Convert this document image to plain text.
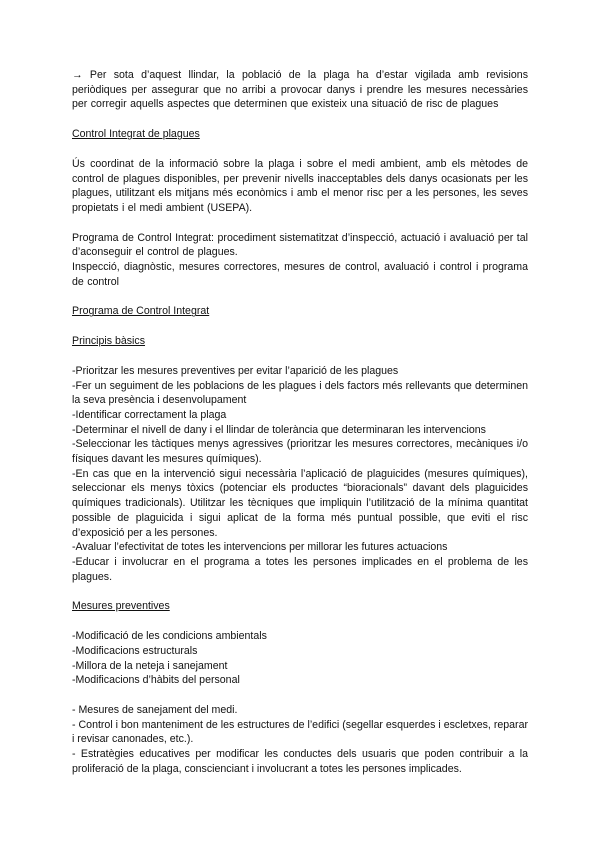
→ Per sota d’aquest llindar, la població de la plaga ha d’estar vigilada amb revisions periòdiques per assegurar que no arribi a provocar danys i prendre les mesures necessàries per corregir aquells aspectes que determinen que existeix una situació de risc de plagues

Control Integrat de plagues

Ús coordinat de la informació sobre la plaga i sobre el medi ambient, amb els mètodes de control de plagues disponibles, per prevenir nivells inacceptables dels danys ocasionats per les plagues, utilitzant els mitjans més econòmics i amb el menor risc per a les persones, les seves propietats i el medi ambient (USEPA).

Programa de Control Integrat: procediment sistematitzat d’inspecció, actuació i avaluació per tal d’aconseguir el control de plagues.

Inspecció, diagnòstic, mesures correctores, mesures de control, avaluació i control i programa de control

Programa de Control Integrat

Principis bàsics

-Prioritzar les mesures preventives per evitar l’aparició de les plagues
-Fer un seguiment de les poblacions de les plagues i dels factors més rellevants que determinen la seva presència i desenvolupament
-Identificar correctament la plaga
-Determinar el nivell de dany i el llindar de tolerància que determinaran les intervencions
-Seleccionar les tàctiques menys agressives (prioritzar les mesures correctores, mecàniques i/o físiques davant les mesures químiques).
-En cas que en la intervenció sigui necessària l’aplicació de plaguicides (mesures químiques), seleccionar els menys tòxics (potenciar els productes “bioracionals” davant dels plaguicides químiques tradicionals). Utilitzar les tècniques que impliquin l’utilització de la mínima quantitat possible de plaguicida i sigui aplicat de la forma més puntual possible, que eviti el risc d’exposició per a les persones.
-Avaluar l’efectivitat de totes les intervencions per millorar les futures actuacions
-Educar i involucrar en el programa a totes les persones implicades en el problema de les plagues.

Mesures preventives

-Modificació de les condicions ambientals
-Modificacions estructurals
-Millora de la neteja i sanejament
-Modificacions d’hàbits del personal
- Mesures de sanejament del medi.
- Control i bon manteniment de les estructures de l’edifici (segellar esquerdes i escletxes, reparar i revisar canonades, etc.).
- Estratègies educatives per modificar les conductes dels usuaris que poden contribuir a la proliferació de la plaga, conscienciant i involucrant a totes les persones implicades.
